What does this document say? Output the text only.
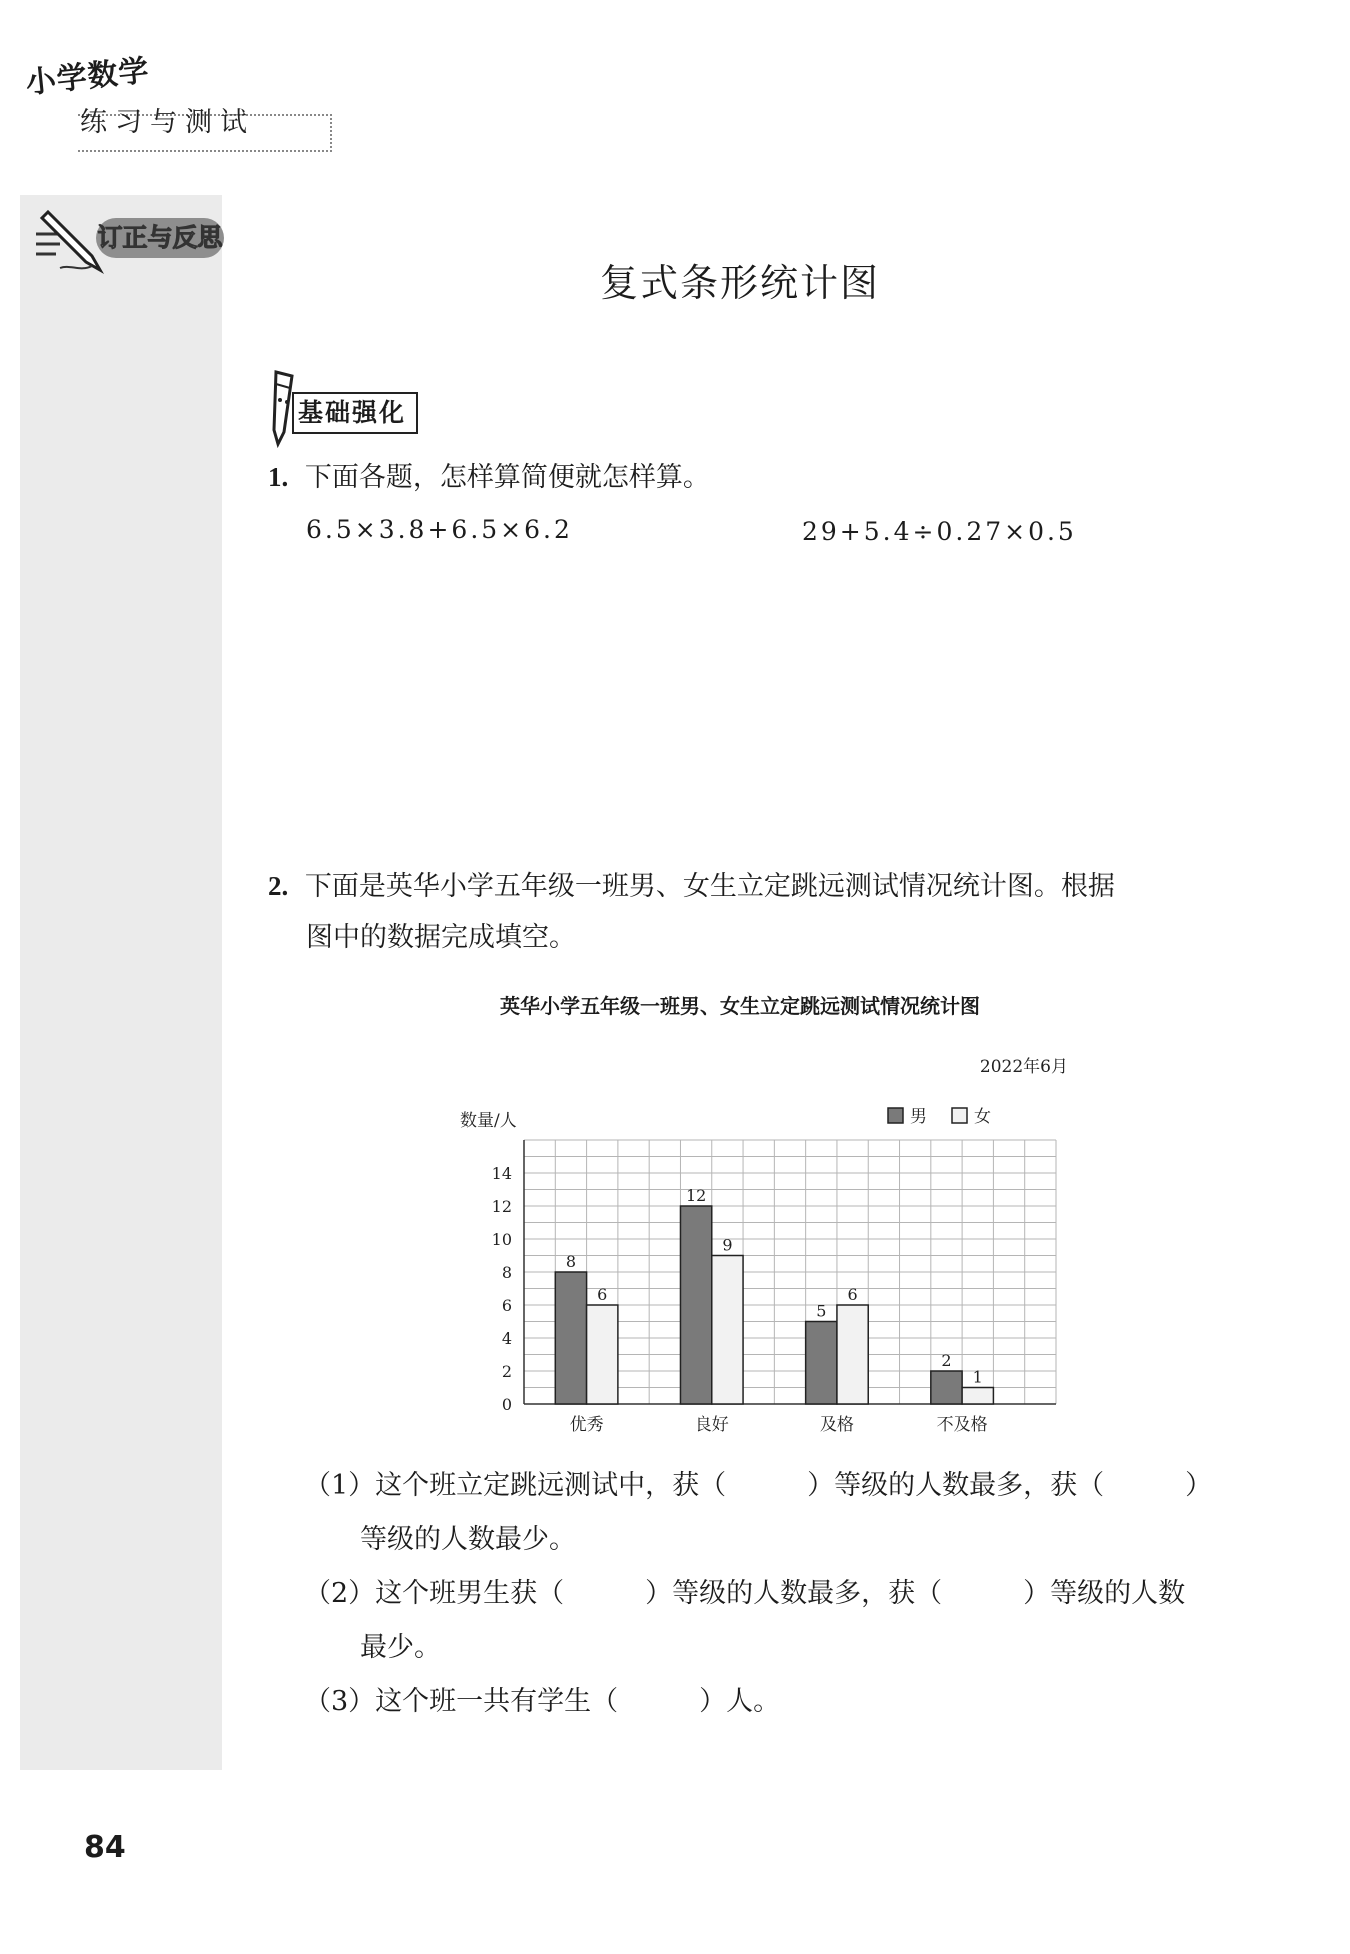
小学数学
练习与测试
订正与反思
复式条形统计图
基础强化
1. 下面各题，怎样算简便就怎样算。
6.5×3.8+6.5×6.2	29+5.4÷0.27×0.5
2. 下面是英华小学五年级一班男、女生立定跳远测试情况统计图。根据
图中的数据完成填空。
英华小学五年级一班男、女生立定跳远测试情况统计图
2022年6月
数量/人	男	女
0
2
4
6
8
10
12
14
8
6
优秀
12
9
良好
5
6
及格
2
1
不及格
（1）这个班立定跳远测试中，获（　　　）等级的人数最多，获（　　　）
等级的人数最少。
（2）这个班男生获（　　　）等级的人数最多，获（　　　）等级的人数
最少。
（3）这个班一共有学生（　　　）人。
84
